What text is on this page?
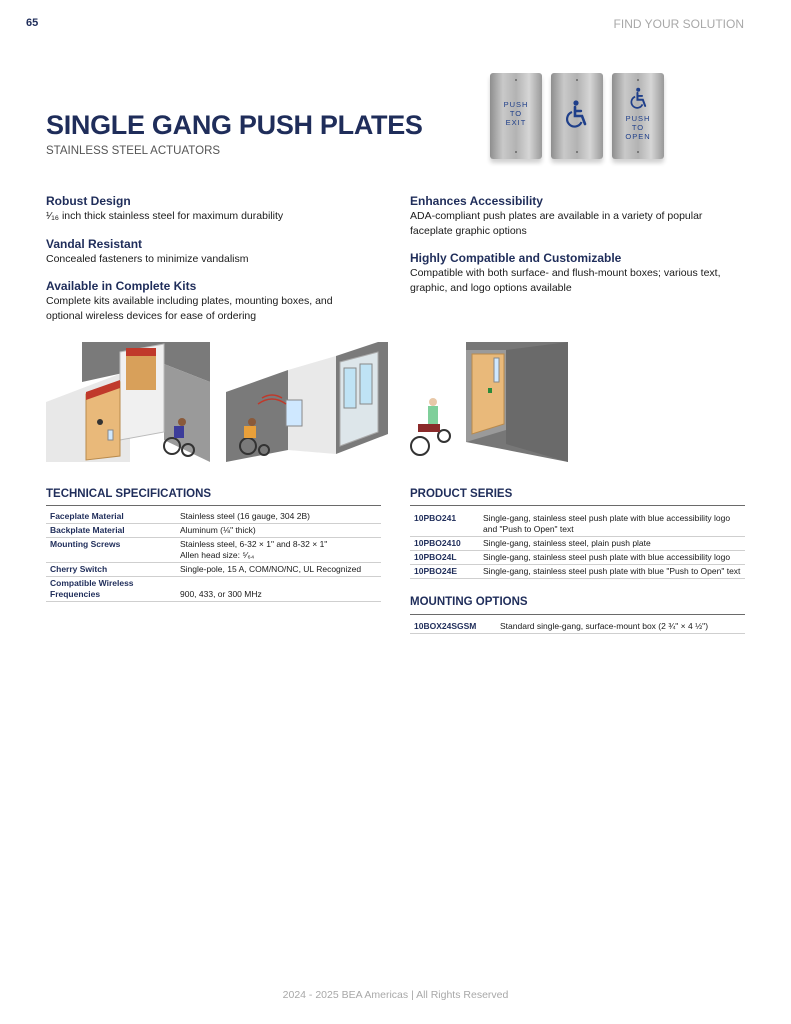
65	FIND YOUR SOLUTION
SINGLE GANG PUSH PLATES
STAINLESS STEEL ACTUATORS
PUSH
TO
EXIT	PUSH
TO
OPEN
Robust Design

¹⁄₁₆ inch thick stainless steel for maximum durability

Vandal Resistant

Concealed fasteners to minimize vandalism

Available in Complete Kits

Complete kits available including plates, mounting boxes, and optional wireless devices for ease of ordering

Enhances Accessibility

ADA-compliant push plates are available in a variety of popular faceplate graphic options

Highly Compatible and Customizable

Compatible with both surface- and flush-mount boxes; various text, graphic, and logo options available

TECHNICAL SPECIFICATIONS
Faceplate Material	Stainless steel (16 gauge, 304 2B)
Backplate Material	Aluminum (⅛" thick)
Mounting Screws	Stainless steel, 6-32 × 1" and 8-32 × 1"
Allen head size: ⁵⁄₆₄
Cherry Switch	Single-pole, 15 A, COM/NO/NC, UL Recognized
Compatible Wireless
Frequencies	900, 433, or 300 MHz
PRODUCT SERIES
10PBO241	Single-gang, stainless steel push plate with blue accessibility logo
and "Push to Open" text
10PBO2410	Single-gang, stainless steel, plain push plate
10PBO24L	Single-gang, stainless steel push plate with blue accessibility logo
10PBO24E	Single-gang, stainless steel push plate with blue "Push to Open" text
MOUNTING OPTIONS
10BOX24SGSM	Standard single-gang, surface-mount box (2 ¾" × 4 ½")
2024 - 2025 BEA Americas | All Rights Reserved
